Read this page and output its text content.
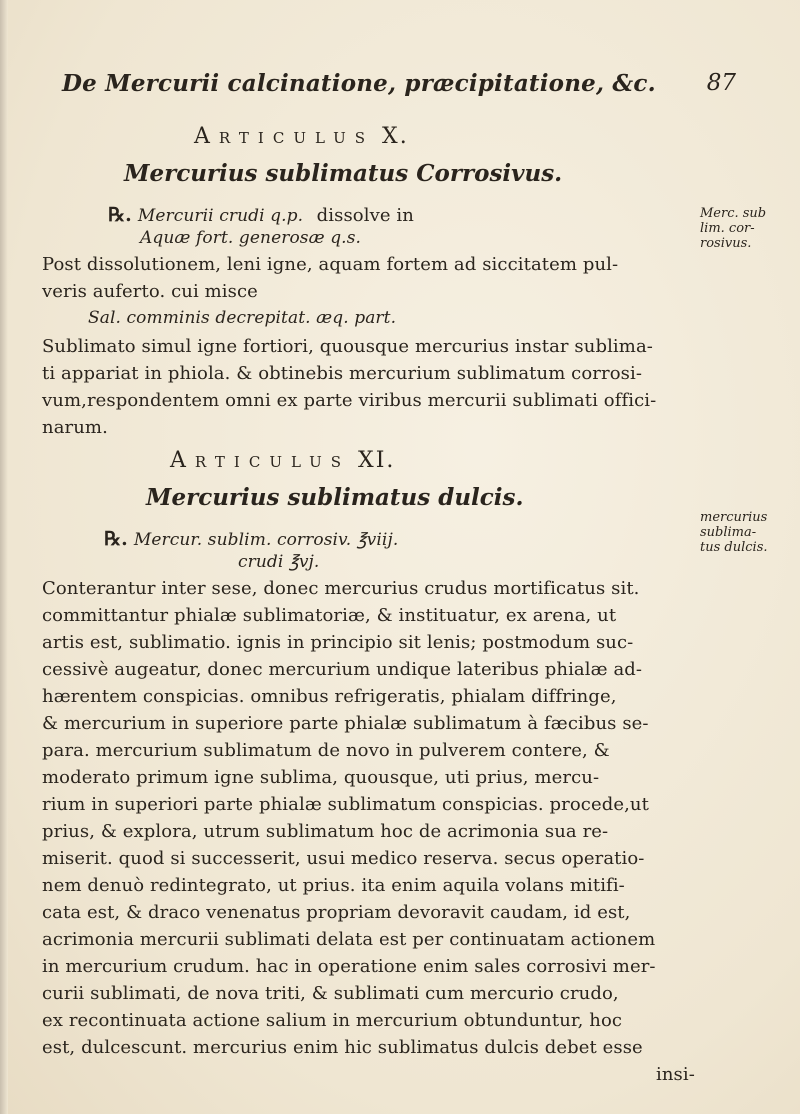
De Mercurii calcinatione, præcipitatione, &c. 87
Articulus X.
Mercurius sublimatus Corrosivus.
℞. Mercurii crudi q.p. dissolve in
Aquæ fort. generosæ q.s.
Post dissolutionem, leni igne, aquam fortem ad siccitatem pul-
veris auferto. cui misce
Sal. comminis decrepitat. æq. part.
Sublimato simul igne fortiori, quousque mercurius instar sublima-
ti appariat in phiola. & obtinebis mercurium sublimatum corrosi-
vum,respondentem omni ex parte viribus mercurii sublimati offici-
narum.
Merc. sub
lim. cor-
rosivus.
Articulus XI.
Mercurius sublimatus dulcis.
℞. Mercur. sublim. corrosiv. ℥viij.
crudi ℥vj.
Conterantur inter sese, donec mercurius crudus mortificatus sit.
committantur phialæ sublimatoriæ, & instituatur, ex arena, ut
artis est, sublimatio. ignis in principio sit lenis; postmodum suc-
cessivè augeatur, donec mercurium undique lateribus phialæ ad-
hærentem conspicias. omnibus refrigeratis, phialam diffringe,
& mercurium in superiore parte phialæ sublimatum à fæcibus se-
para. mercurium sublimatum de novo in pulverem contere, &
moderato primum igne sublima, quousque, uti prius, mercu-
rium in superiori parte phialæ sublimatum conspicias. procede,ut
prius, & explora, utrum sublimatum hoc de acrimonia sua re-
miserit. quod si successerit, usui medico reserva. secus operatio-
nem denuò redintegrato, ut prius. ita enim aquila volans mitifi-
cata est, & draco venenatus propriam devoravit caudam, id est,
acrimonia mercurii sublimati delata est per continuatam actionem
in mercurium crudum. hac in operatione enim sales corrosivi mer-
curii sublimati, de nova triti, & sublimati cum mercurio crudo,
ex recontinuata actione salium in mercurium obtunduntur, hoc
est, dulcescunt. mercurius enim hic sublimatus dulcis debet esse
insi-
mercurius
sublima-
tus dulcis.
